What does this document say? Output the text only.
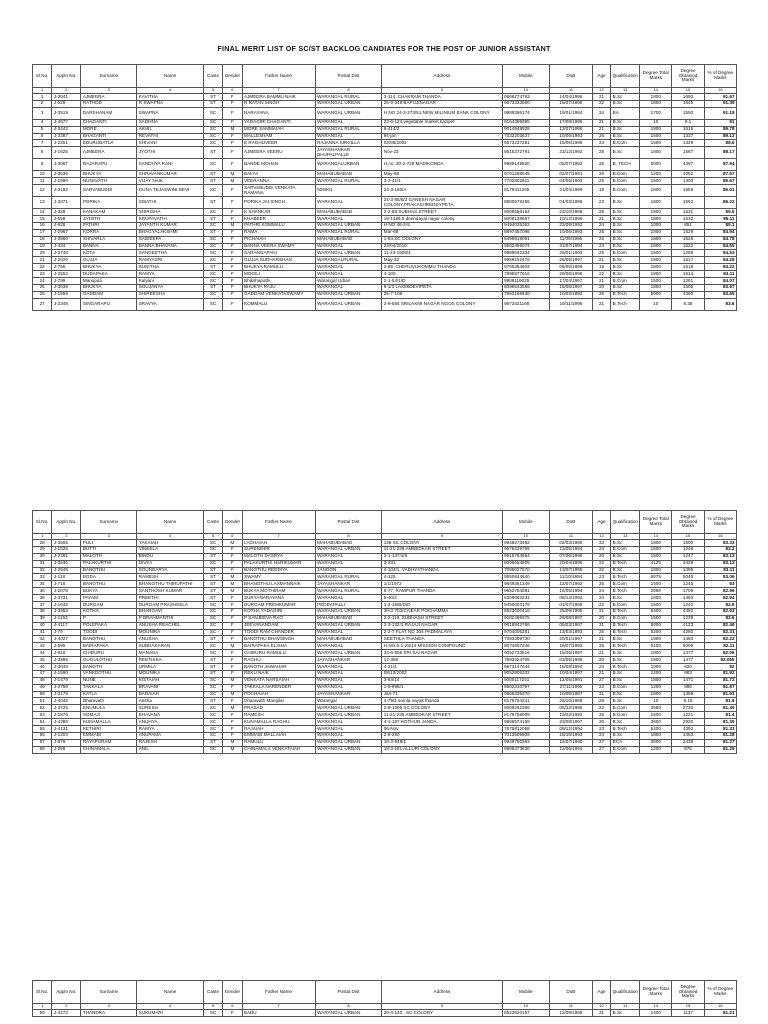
FINAL MERIT LIST OF SC/ST BACKLOG CANDIATES FOR THE POST OF JUNIOR ASSISTANT
Sl.No.	Appln No.	Surname	Name	Caste	Gender	Father Name	Postal Dist	Address	Mobile	DoB	Age	Qualification	Degree Total Marks	Degree Obtained Marks	% of Degree Marks
1	2	3	4	5	6	7	8	9	10	11	12	13	14	15	16
1	J-3041	AJMEERA	KAVITHA	ST	F	AJMEERA BAMMU NAIK	WARANGAL RURAL	3-114, CHAKRAM THANDA	9666274793	14/04/1996	21	B.Sc	1800	1650	91.67
2	J-529	RATHOD	R SWAPNA	ST	F	R RATAN SINGH	WARANGAL URBAN	25-9-348 BAPUJINAGAR	9573333590	15/07/1995	22	B.Sc	1800	1645	91.39
3	J-3519	DARSHANAM	SWAPNA	SC	F	NARAYANA	WARANGAL URBAN	H NO 24-3-273/51,NEW MILINIUM BANK COLONY	9989386174	19/01/1984	34	BA	1700	1550	91.18
4	J-4577	CHAGANTI	SADHNA	SC	F	YADAGIRI CHAGANTI	WARANGAL	23-6-124,vegetable market,kazipet	9154399395	17/08/1996	21	B.Sc	10	9.1	91
5	J-3442	MORE	AKHIL	SC	M	MORE SAMMAIAH	WARANGAL RURAL	6-414/2	9014948828	13/07/1996	21	B.Sc	1800	1616	89.78
6	J-3387	BHAGANTI	REVATHI	SC	F	MALLESHAM	WARANGAL	94-jan	7032203637	10/06/1993	25	B.Sc	1500	1337	89.13
7	J-2251	EDURUBATLA	SHIVANI	SC	F	E RAGHUVEER	RAJANNA SIRCILLA	02/05/2002	9573237281	15/06/1995	23	B.Com	1500	1329	88.6
8	J-1625	AJMEERA	JYOTHI	ST	F	AJMEERA VEERU	JAYASHANKAR BHUPALPALLE	Nov-23	9515372791	23/12/1992	25	B.Sc	1800	1587	88.17
9	J-3087	RAJARAPU	SANDHYA RANI	SC	F	BANDE MOHAN	WARANGALURBAN	H.no. 30-2-728 MADIKONDA	9989149820	05/07/1992	25	B. TECH	5000	4397	87.94
10	J-3536	BHUKYA	SHRAVANKUMAR	ST	M	BALYA	MAHABUBABAD	May-68	9701288545	02/07/1991	26	B.Com	1200	1052	87.67
11	J-1990	NUNAVATH	VIJAY NAIK	ST	M	VEERANNA	WARANGAL RURAL	3-2-41/1	7702802611	04/05/1993	25	B.Com	1500	1300	86.67
12	J-3182	SARVABUDDI	GUNA TEJASWINI DEVI	SC	F	SARVABUDDI VENKATA RAMANA	506001	24-3-160/A	8179411345	21/04/1999	19	B.Com	1800	1559	86.61
13	J-3371	PORIKA	SWATHI	ST	F	PORIKA JAI SINGH	WARANGAL	24-3-85/8/2 GANESH NAGAR COLONY,PRAKASHREDDYPETA	8500578256	04/03/1995	23	B.Sc	1800	1552	86.22
14	J-328	KANAKAM	SHIRISHA	SC	F	K SHANKAR	MAHABUBABAD	2-2-85 SUBHAS STREET	8008556164	23/10/1988	29	B.Sc	1800	1531	85.5
15	J-558	JATOTH	KRUPAVATHI	ST	F	KHABEER	WARANGAL	19-1486.5 deendayal nagar colony	8008138667	10/12/1996	21	B.Sc	1800	1532	85.11
16	J-928	PATHRI	JAYANTH KUMAR	SC	M	PATHRI KOMMALU	WARANGAL URBAN	H NO 46-3-5	9494035362	22/08/1993	24	B.Sc	1000	851	85.1
17	J-2967	KORRA	BHAGYALAKSHMI	ST	F	RAMA	WARANGAL RURAL	Mar-69	8897457096	10/06/1993	25	B.Sc	1800	1529	84.94
18	J-3860	SHIVARLA	SAIDEEPA	SC	F	PICHAIAH	MAHABUBABAD	1-54,SC COLONY	8499919091	11/09/1995	22	B.Sc	1800	1526	84.78
19	J-434	BANNA	BANNA BHAVANA	SC	F	BANNA VEERA SWAMY	WARANGAL	23/04/2010	9502455074	21/07/1994	23	B.Sc	1800	1522	84.55
20	J-3748	KOTA	SANGEETHA	SC	F	SARANGAPANI	WARANGAL URBAN	11-23-1928/4	9989642334	25/01/1993	25	B.Com	1500	1268	84.53
21	J-2020	GUJJA	RAMYASRI	SC	F	GUJJA SUDHARSHAN	WARANGALRURAL	May-32	9959152478	26/05/1997	21	B.Sc	1800	1517	84.28
22	J-756	BHUKYA	SUNITHA	ST	F	BHUKYA RAMULU	WARANGAL	2-65 ,CHERUVUKOMMU THANDA	9705384604	05/05/1999	19	B.Sc	1800	1518	84.22
23	J-2553	DUDAPAKA	RAMYA	SC	F	MOGILI	WARANGAL	4-100	7995877616	29/06/1996	22	B.Sc	1800	1514	84.11
24	J-799	Manupati	Kalyani	SC	F	Bhikshapathi	Warangal Urban	2-1-54/1/D	9908119025	17/04/1997	21	B.Com	1500	1261	84.07
25	J-3038	BHUKYA	SOUJANYA	ST	F	BHUKYA RAJU	WARANGAL	9-1/3 LAXMIDEVIPETA	8096543556	15/08/1997	20	B.Sc	1800	1506	83.67
26	J-1559	GADDAM	SHIREESHA	SC	F	GADDAM VENKATASWAMY	WARANGAL URBAN	25-7-108	7893168430	10/03/1992	26	B.Tech	5000	4350	83.65
27	J-2348	SINGARAPU	SRAVYA	SC	F	KOMMALU	WARANGAL URBAN	2-9-584 SRILAXMI NAGAR NGOS COLONY	9573421168	19/11/1996	21	B.Tech	10	8.36	83.6
Sl.No.	Appln No.	Surname	Name	Caste	Gender	Father Name	Postal Dist	Address	Mobile	DoB	Age	Qualification	Degree Total Marks	Degree Obtained Marks	% of Degree Marks
1	2	3	4	5	6	7	8	9	10	11	12	13	14	15	16
28	J-3555	PULI	YAKAIAH	SC	M	LACHAIAH	MAHABUBABAD	138 SC COLONY	9948273482	02/03/1985	33	B.Sc	1800	1500	83.33
29	J-1526	BUTTI	VINEELA	SC	F	SURENDER	WARANGAL URBAN	11-21-238 AMBEDKAR STREET	9676339765	13/05/1994	24	B.Com	1500	1248	83.2
30	J-2391	MALOTH	BINDU	ST	F	MALOTH DASRYA	WARANGAL	2-1-137/1/6	9515784664	07/06/1998	20	B.Sc	1500	1247	83.13
31	J-3636	PALAKURTHI	DIVYA	SC	F	PALAKURTHI HARIKUMAR	WARANGAL	3-231	8096654805	20/04/1996	22	B.Tech	4125	3429	83.13
32	J-2546	BANOTHU	SOUNDARYA	ST	F	BANOTHU REDDIYA	JANGON	4-104/1, VADHYATHANDA	7095027570	13/07/1995	22	B.Sc	1800	1495	83.11
33	J-118	BODA	RAMESH	ST	M	SWAMY	WARANGAL RURAL	4-125	9550844640	11/10/1994	23	B.Tech	6075	5046	83.06
34	J-716	BANOTHU	BHANOTHU THIRUPATHI	ST	M	BHANOTHU LAXMANNAIK	JAYASHANKAR	1/1/1972	9849361349	12/07/1992	25	B.Com	1500	1245	83
35	J-2078	BUKYA	SANTHOSH KUMAR	ST	M	BUKYA MOTHIRAM	WARANGAL RURAL	6-77, RAMPUR THANDA	9652784591	16/05/1994	24	B.Tech	2090	1709	82.96
36	J-3731	PAYAM	PREETHI	ST	F	SURYANARAYANA	WARANGAL	5-40/2	6309083231	08/12/1993	24	B.Sc	1800	1493	82.94
37	J-1645	DURGAM	DURGAM PRASHEELA	SC	F	DURGAM PREMKUMAR	PEDDAPALLI	1-2-19/B/D/D	9490003178	01/07/1995	22	B.Com	1500	1242	82.8
38	J-3953	KOTHA	BHARGAVI	SC	F	KOTHA YADAGIRI	WARANGAL URBAN	30-3-703/2,NEAR POCHAMMA	8523000410	25/09/1995	21	B.Tech	5400	4482	82.63
39	J-1153	P	P BRAHMANTHI	SC	F	P SANJEEVA RAO	MAHABUBABAD	2-2-119, SUBHASH STREET	9182489375	28/08/1997	20	B.Com	1500	1239	82.6
40	J-4117	POLEPAKA	ANUSHA REACHEL	SC	F	JEEVANANDAM	WARANGAL URBAN	2-3-132/1 RAJAJI NAGAR	9618842766	05/03/1987	31	B.Tech	5000	4123	82.46
41	J-79	TOODI	MOUNIKA	SC	F	TOODI RAM CHANDER	WARANGAL	2-2-7 FLAT NO 304 PADMALAYA	9704005281	13/03/1993	25	B.Tech	5200	4280	82.31
42	J-4027	BANOTHU	ANUSHA	ST	F	BANOTHU BHAVSINGH	MAHABUBABAD	SEETHLA THANDA	7093309730	20/01/1997	21	B.Sc	1800	1480	82.22
43	J-595	BAIRAPAKA	SUBHAKARAN	SC	M	BAIRAPAKA ELISHA	WARANGAL	H.NO.6-1-28/14 MISSION COMPOUND	8074597246	18/07/1992	25	B.Tech	6100	5009	82.11
44	J-616	CHIDURU	MANASA	SC	F	CHIDURU RAMULU	WARANGAL URBAN	33-6-556 SRI SAI NAGAR	9052733516	15/05/1997	21	B.Sc	1800	1477	82.06
45	J-3899	GUGULOTHU	REETHIKA	ST	F	RAGHU	JAYASHANKAR	17-358	7893324705	03/05/1998	20	B.Sc	1800	1477	82.055
46	J-3049	BANOTH	URMILA	ST	F	BANOTH JAWAHAR	WARANGAL	4-21/1	9573147644	18/08/1994	23	B.Tech	1000	820	82
47	J-1590	VANKDOTHU	MOUNIKA	ST	F	REKU NAIK	WARANGAL	08/10/2002	9052805332	10/04/1997	21	B.Sc	1200	983	81.92
48	J-1479	NUNE	KISTAIAH	SC	M	VENKATA NARSAIAH	WARANGAL	3-63/14	9000117241	12/05/1991	27	B.Sc	1800	1471	81.72
49	J-2750	TAKKALA	BRAVANI	SC	F	TAKKALA NARENDER	WARANGAL	1-9-998/1	9502310797	27/11/1995	22	B.Com	1200	980	81.67
50	J-3179	KATLA	BADAIAH	SC	M	POCHAIAH	JAYASHANKAR	Jan-71	9966335370	10/05/1987	31	B.Sc	1800	1469	81.61
51	J-4045	Dharavath	Anitha	ST	F	Dharavath Mangilal	Warangal	4-79/1 somla nayak thanda	8179754241	28/10/1989	28	B.Sc	10	8.16	81.6
52	J-3725	ENUMULA	SURESH	SC	M	PRASAD	WARANGAL URBAN	2-9-1095 SC COLONY	8008262366	05/12/1995	22	B.Com	3580	2730	81.49
53	J-1876	SOMAJI	BHAVANA	SC	F	RAMESH	WARANGAL URBAN	11-21-235 AMBEDKAR STREET	8179758009	13/02/1993	25	B.Com	1500	1221	81.4
54	J-4389	KUNAMALLA	ANUHYA	SC	F	KUNAMALLA RAGHU	WARANGAL	4-1-197 KOTHUR JANDA	9866574159	23/08/1997	20	B.Sc	3600	2930	81.39
55	J-4131	KETHIRI	RAMYA	SC	F	RAJAIAH	WARANGAL	06-Nov	7675812058	09/12/1994	23	B.Tech	5400	4392	81.33
56	J-1204	EMMADI	ANUPAMA	SC	F	EMMADI MALLAIAH	WARANGAL	2-8-280	7013509909	15/10/1993	24	B.Sc	1800	1463	81.28
57	J-876	RAYAPURAM	RAJESH	ST	M	RAMULU	WARANGAL URBAN	16-3-948/1	9949750363	12/07/1990	27	BCA	3000	2438	81.27
58	J-259	CHINAMALA	ANIL	SC	M	CHINAMALA VENKATAIAH	WARANGAL URBAN	18-3-181 ALLURI COLONY	9908373630	12/06/1991	27	B.Com	1200	975	81.25
Sl.No.	Appln No.	Surname	Name	Caste	Gender	Father Name	Postal Dist	Address	Mobile	DoB	Age	Qualification	Degree Total Marks	Degree Obtained Marks	% of Degree Marks
1	2	3	4	5	6	7	8	9	10	11	12	13	14	15	16
59	J-4273	THANDRA	SUKUMARI	SC	F	BABU	WARANGAL URBAN	20-4-140 , SC COLONY	8523820157	12/08/1995	31	B.Sc	1400	1137	81.21
